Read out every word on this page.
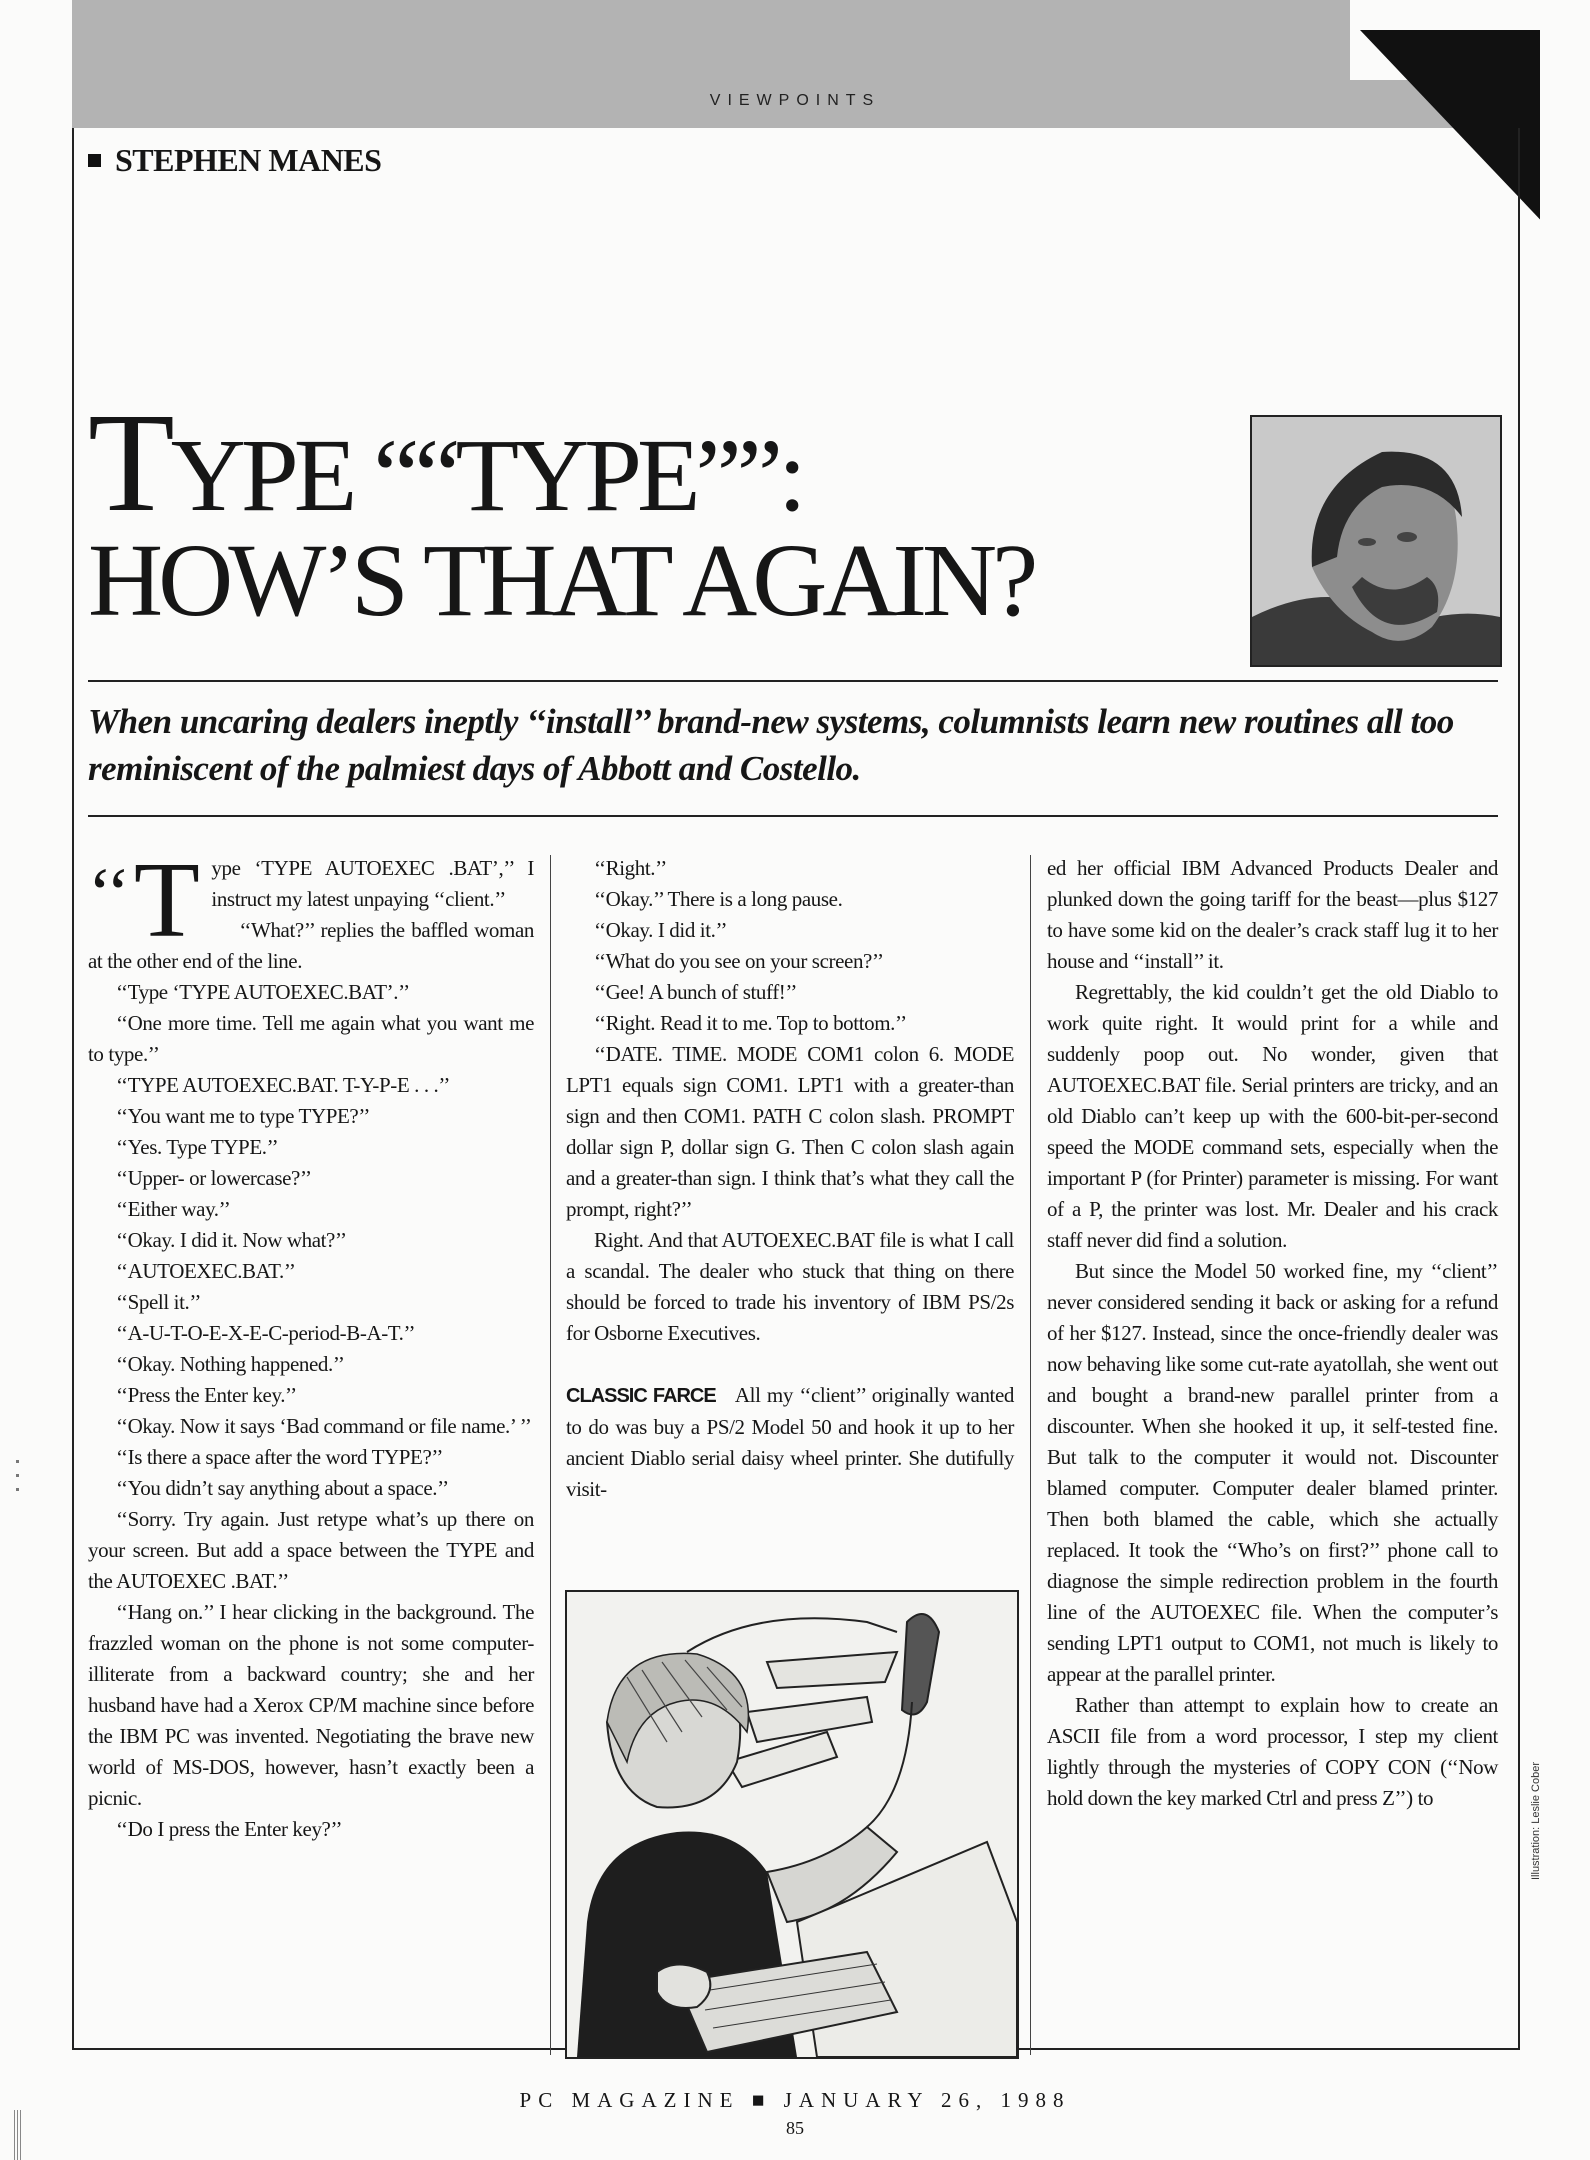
VIEWPOINTS
STEPHEN MANES
TYPE ““TYPE””:
HOW’S THAT AGAIN?
When uncaring dealers ineptly ‘‘install’’ brand-new systems, columnists learn new routines all too reminiscent of the palmiest days of Abbott and Costello.

‘‘ T ype ‘TYPE AUTOEXEC .BAT’,’’ I instruct my latest unpaying ‘‘client.’’

‘‘What?’’ replies the baffled woman at the other end of the line.

‘‘Type ‘TYPE AUTOEXEC.BAT’.’’

‘‘One more time. Tell me again what you want me to type.’’

‘‘TYPE AUTOEXEC.BAT. T-Y-P-E . . .’’

‘‘You want me to type TYPE?’’

‘‘Yes. Type TYPE.’’

‘‘Upper- or lowercase?’’

‘‘Either way.’’

‘‘Okay. I did it. Now what?’’

‘‘AUTOEXEC.BAT.’’

‘‘Spell it.’’

‘‘A-U-T-O-E-X-E-C-period-B-A-T.’’

‘‘Okay. Nothing happened.’’

‘‘Press the Enter key.’’

‘‘Okay. Now it says ‘Bad command or file name.’ ’’

‘‘Is there a space after the word TYPE?’’

‘‘You didn’t say anything about a space.’’

‘‘Sorry. Try again. Just retype what’s up there on your screen. But add a space between the TYPE and the AUTOEXEC .BAT.’’

‘‘Hang on.’’ I hear clicking in the background. The frazzled woman on the phone is not some computer-illiterate from a backward country; she and her husband have had a Xerox CP/M machine since before the IBM PC was invented. Negotiating the brave new world of MS-DOS, however, hasn’t exactly been a picnic.

‘‘Do I press the Enter key?’’

‘‘Right.’’

‘‘Okay.’’ There is a long pause.

‘‘Okay. I did it.’’

‘‘What do you see on your screen?’’

‘‘Gee! A bunch of stuff!’’

‘‘Right. Read it to me. Top to bottom.’’

‘‘DATE. TIME. MODE COM1 colon 6. MODE LPT1 equals sign COM1. LPT1 with a greater-than sign and then COM1. PATH C colon slash. PROMPT dollar sign P, dollar sign G. Then C colon slash again and a greater-than sign. I think that’s what they call the prompt, right?’’

Right. And that AUTOEXEC.BAT file is what I call a scandal. The dealer who stuck that thing on there should be forced to trade his inventory of IBM PS/2s for Osborne Executives.

CLASSIC FARCE All my ‘‘client’’ originally wanted to do was buy a PS/2 Model 50 and hook it up to her ancient Diablo serial daisy wheel printer. She dutifully visit-

ed her official IBM Advanced Products Dealer and plunked down the going tariff for the beast—plus $127 to have some kid on the dealer’s crack staff lug it to her house and ‘‘install’’ it.

Regrettably, the kid couldn’t get the old Diablo to work quite right. It would print for a while and suddenly poop out. No wonder, given that AUTOEXEC.BAT file. Serial printers are tricky, and an old Diablo can’t keep up with the 600-bit-per-second speed the MODE command sets, especially when the important P (for Printer) parameter is missing. For want of a P, the printer was lost. Mr. Dealer and his crack staff never did find a solution.

But since the Model 50 worked fine, my ‘‘client’’ never considered sending it back or asking for a refund of her $127. Instead, since the once-friendly dealer was now behaving like some cut-rate ayatollah, she went out and bought a brand-new parallel printer from a discounter. When she hooked it up, it self-tested fine. But talk to the computer it would not. Discounter blamed computer. Computer dealer blamed printer. Then both blamed the cable, which she actually replaced. It took the ‘‘Who’s on first?’’ phone call to diagnose the simple redirection problem in the fourth line of the AUTOEXEC file. When the computer’s sending LPT1 output to COM1, not much is likely to appear at the parallel printer.

Rather than attempt to explain how to create an ASCII file from a word processor, I step my client lightly through the mysteries of COPY CON (‘‘Now hold down the key marked Ctrl and press Z’’) to	Illustration: Leslie Cober
PC MAGAZINE ■ JANUARY 26, 1988
85
